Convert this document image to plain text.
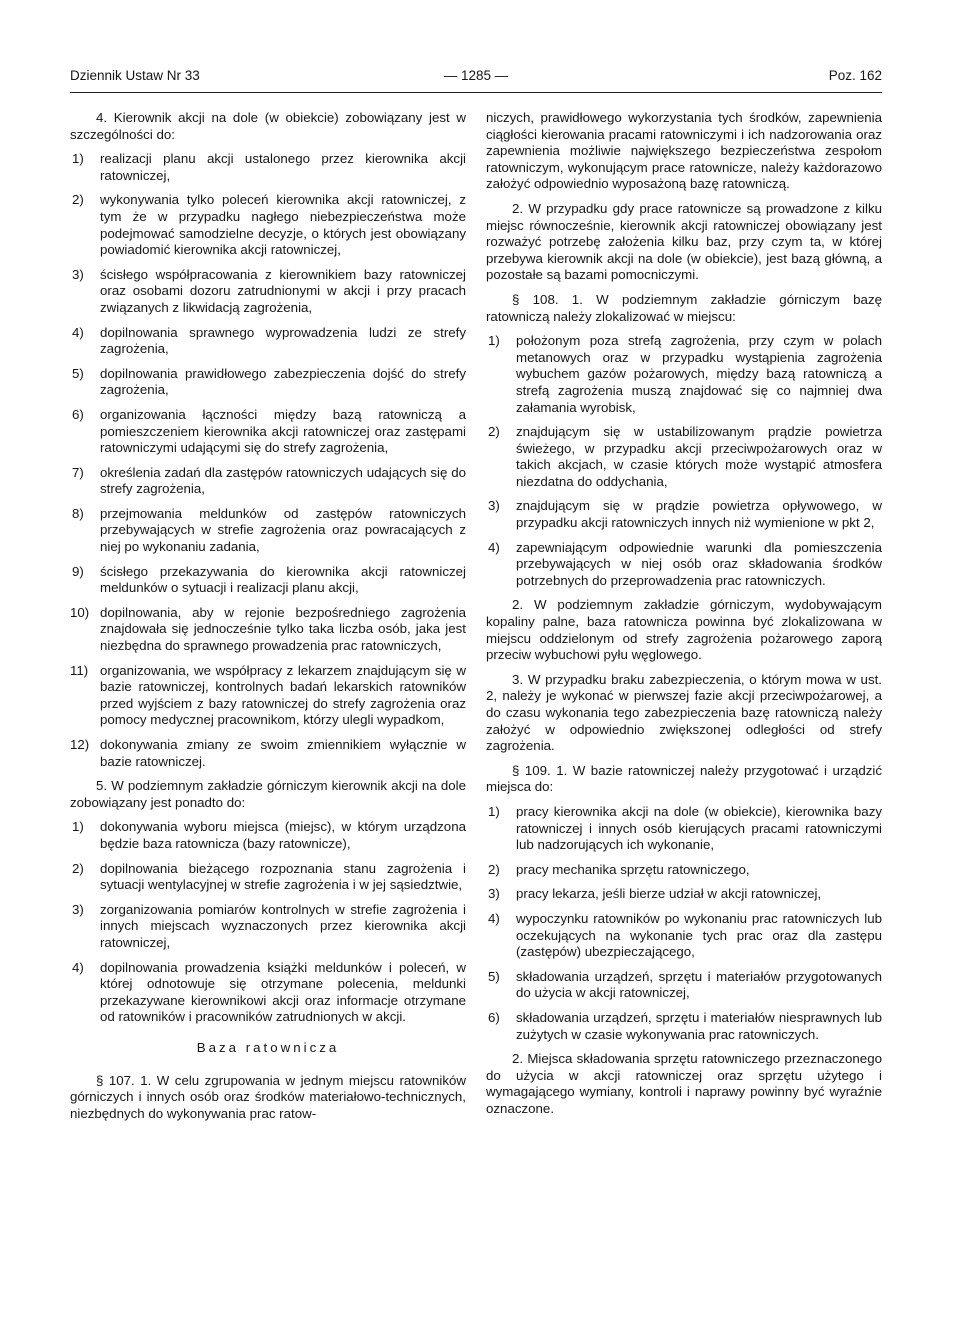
Dziennik Ustaw Nr 33	— 1285 —	Poz. 162

4. Kierownik akcji na dole (w obiekcie) zobowiązany jest w szczególności do:

1)	realizacji planu akcji ustalonego przez kierownika akcji ratowniczej,
2)	wykonywania tylko poleceń kierownika akcji ratowniczej, z tym że w przypadku nagłego niebezpieczeństwa może podejmować samodzielne decyzje, o których jest obowiązany powiadomić kierownika akcji ratowniczej,
3)	ścisłego współpracowania z kierownikiem bazy ratowniczej oraz osobami dozoru zatrudnionymi w akcji i przy pracach związanych z likwidacją zagrożenia,
4)	dopilnowania sprawnego wyprowadzenia ludzi ze strefy zagrożenia,
5)	dopilnowania prawidłowego zabezpieczenia dojść do strefy zagrożenia,
6)	organizowania łączności między bazą ratowniczą a pomieszczeniem kierownika akcji ratowniczej oraz zastępami ratowniczymi udającymi się do strefy zagrożenia,
7)	określenia zadań dla zastępów ratowniczych udających się do strefy zagrożenia,
8)	przejmowania meldunków od zastępów ratowniczych przebywających w strefie zagrożenia oraz powracających z niej po wykonaniu zadania,
9)	ścisłego przekazywania do kierownika akcji ratowniczej meldunków o sytuacji i realizacji planu akcji,
10) dopilnowania, aby w rejonie bezpośredniego zagrożenia znajdowała się jednocześnie tylko taka liczba osób, jaka jest niezbędna do sprawnego prowadzenia prac ratowniczych,
11) organizowania, we współpracy z lekarzem znajdującym się w bazie ratowniczej, kontrolnych badań lekarskich ratowników przed wyjściem z bazy ratowniczej do strefy zagrożenia oraz pomocy medycznej pracownikom, którzy ulegli wypadkom,
12) dokonywania zmiany ze swoim zmiennikiem wyłącznie w bazie ratowniczej.

5. W podziemnym zakładzie górniczym kierownik akcji na dole zobowiązany jest ponadto do:

1)	dokonywania wyboru miejsca (miejsc), w którym urządzona będzie baza ratownicza (bazy ratownicze),
2)	dopilnowania bieżącego rozpoznania stanu zagrożenia i sytuacji wentylacyjnej w strefie zagrożenia i w jej sąsiedztwie,
3)	zorganizowania pomiarów kontrolnych w strefie zagrożenia i innych miejscach wyznaczonych przez kierownika akcji ratowniczej,
4)	dopilnowania prowadzenia książki meldunków i poleceń, w której odnotowuje się otrzymane polecenia, meldunki przekazywane kierownikowi akcji oraz informacje otrzymane od ratowników i pracowników zatrudnionych w akcji.
Baza ratownicza

§ 107. 1. W celu zgrupowania w jednym miejscu ratowników górniczych i innych osób oraz środków materiałowo-technicznych, niezbędnych do wykonywania prac ratow-

niczych, prawidłowego wykorzystania tych środków, zapewnienia ciągłości kierowania pracami ratowniczymi i ich nadzorowania oraz zapewnienia możliwie największego bezpieczeństwa zespołom ratowniczym, wykonującym prace ratownicze, należy każdorazowo założyć odpowiednio wyposażoną bazę ratowniczą.

2. W przypadku gdy prace ratownicze są prowadzone z kilku miejsc równocześnie, kierownik akcji ratowniczej obowiązany jest rozważyć potrzebę założenia kilku baz, przy czym ta, w której przebywa kierownik akcji na dole (w obiekcie), jest bazą główną, a pozostałe są bazami pomocniczymi.

§ 108. 1. W podziemnym zakładzie górniczym bazę ratowniczą należy zlokalizować w miejscu:

1)	położonym poza strefą zagrożenia, przy czym w polach metanowych oraz w przypadku wystąpienia zagrożenia wybuchem gazów pożarowych, między bazą ratowniczą a strefą zagrożenia muszą znajdować się co najmniej dwa załamania wyrobisk,
2)	znajdującym się w ustabilizowanym prądzie powietrza świeżego, w przypadku akcji przeciwpożarowych oraz w takich akcjach, w czasie których może wystąpić atmosfera niezdatna do oddychania,
3)	znajdującym się w prądzie powietrza opływowego, w przypadku akcji ratowniczych innych niż wymienione w pkt 2,
4)	zapewniającym odpowiednie warunki dla pomieszczenia przebywających w niej osób oraz składowania środków potrzebnych do przeprowadzenia prac ratowniczych.

2. W podziemnym zakładzie górniczym, wydobywającym kopaliny palne, baza ratownicza powinna być zlokalizowana w miejscu oddzielonym od strefy zagrożenia pożarowego zaporą przeciw wybuchowi pyłu węglowego.

3. W przypadku braku zabezpieczenia, o którym mowa w ust. 2, należy je wykonać w pierwszej fazie akcji przeciwpożarowej, a do czasu wykonania tego zabezpieczenia bazę ratowniczą należy założyć w odpowiednio zwiększonej odległości od strefy zagrożenia.

§ 109. 1. W bazie ratowniczej należy przygotować i urządzić miejsca do:

1)	pracy kierownika akcji na dole (w obiekcie), kierownika bazy ratowniczej i innych osób kierujących pracami ratowniczymi lub nadzorujących ich wykonanie,
2)	pracy mechanika sprzętu ratowniczego,
3)	pracy lekarza, jeśli bierze udział w akcji ratowniczej,
4)	wypoczynku ratowników po wykonaniu prac ratowniczych lub oczekujących na wykonanie tych prac oraz dla zastępu (zastępów) ubezpieczającego,
5)	składowania urządzeń, sprzętu i materiałów przygotowanych do użycia w akcji ratowniczej,
6)	składowania urządzeń, sprzętu i materiałów niesprawnych lub zużytych w czasie wykonywania prac ratowniczych.

2. Miejsca składowania sprzętu ratowniczego przeznaczonego do użycia w akcji ratowniczej oraz sprzętu użytego i wymagającego wymiany, kontroli i naprawy powinny być wyraźnie oznaczone.
